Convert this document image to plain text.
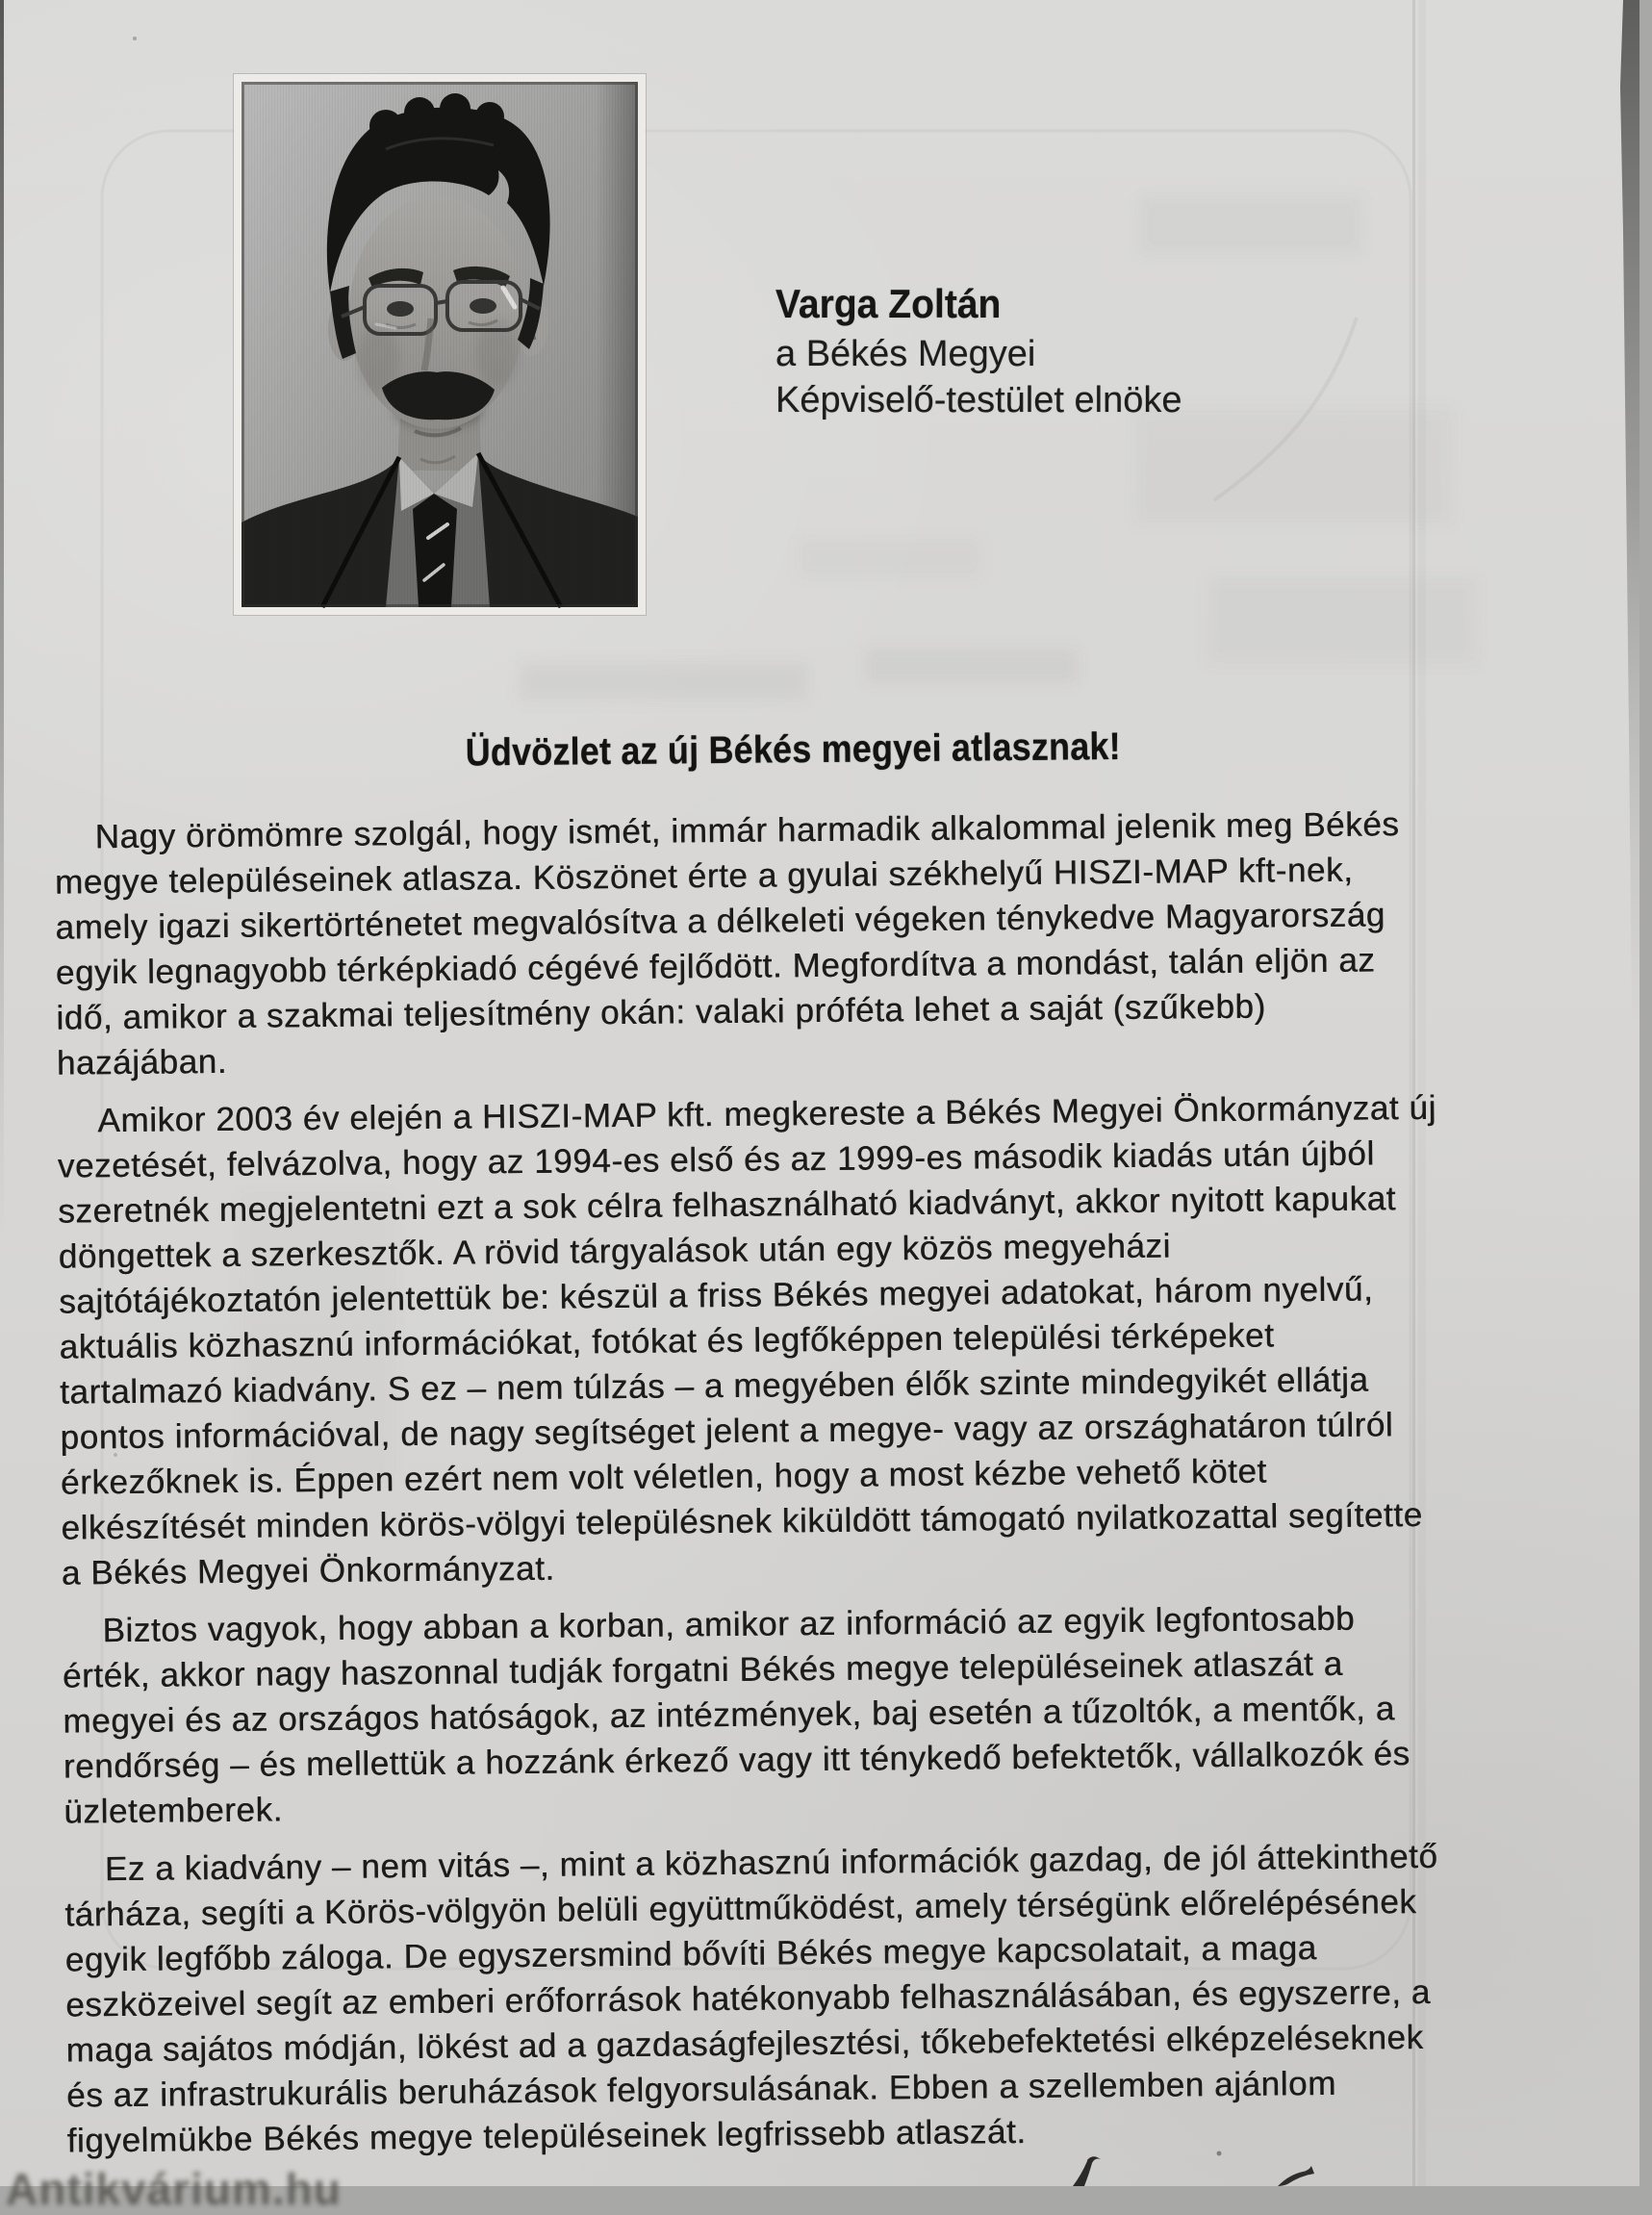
Varga Zoltán
a Békés Megyei
Képviselő-testület elnöke
Üdvözlet az új Békés megyei atlasznak!

Nagy örömömre szolgál, hogy ismét, immár harmadik alkalommal jelenik meg Békés
megye településeinek atlasza. Köszönet érte a gyulai székhelyű HISZI-MAP kft-nek,
amely igazi sikertörténetet megvalósítva a délkeleti végeken ténykedve Magyarország
egyik legnagyobb térképkiadó cégévé fejlődött. Megfordítva a mondást, talán eljön az
idő, amikor a szakmai teljesítmény okán: valaki próféta lehet a saját (szűkebb)
hazájában.

Amikor 2003 év elején a HISZI-MAP kft. megkereste a Békés Megyei Önkormányzat új
vezetését, felvázolva, hogy az 1994-es első és az 1999-es második kiadás után újból
szeretnék megjelentetni ezt a sok célra felhasználható kiadványt, akkor nyitott kapukat
döngettek a szerkesztők. A rövid tárgyalások után egy közös megyeházi
sajtótájékoztatón jelentettük be: készül a friss Békés megyei adatokat, három nyelvű,
aktuális közhasznú információkat, fotókat és legfőképpen települési térképeket
tartalmazó kiadvány. S ez – nem túlzás – a megyében élők szinte mindegyikét ellátja
pontos információval, de nagy segítséget jelent a megye- vagy az országhatáron túlról
érkezőknek is. Éppen ezért nem volt véletlen, hogy a most kézbe vehető kötet
elkészítését minden körös-völgyi településnek kiküldött támogató nyilatkozattal segítette
a Békés Megyei Önkormányzat.

Biztos vagyok, hogy abban a korban, amikor az információ az egyik legfontosabb
érték, akkor nagy haszonnal tudják forgatni Békés megye településeinek atlaszát a
megyei és az országos hatóságok, az intézmények, baj esetén a tűzoltók, a mentők, a
rendőrség – és mellettük a hozzánk érkező vagy itt ténykedő befektetők, vállalkozók és
üzletemberek.

Ez a kiadvány – nem vitás –, mint a közhasznú információk gazdag, de jól áttekinthető
tárháza, segíti a Körös-völgyön belüli együttműködést, amely térségünk előrelépésének
egyik legfőbb záloga. De egyszersmind bővíti Békés megye kapcsolatait, a maga
eszközeivel segít az emberi erőforrások hatékonyabb felhasználásában, és egyszerre, a
maga sajátos módján, lökést ad a gazdaságfejlesztési, tőkebefektetési elképzeléseknek
és az infrastrukurális beruházások felgyorsulásának. Ebben a szellemben ajánlom
figyelmükbe Békés megye településeinek legfrissebb atlaszát.

Antikvárium.hu
